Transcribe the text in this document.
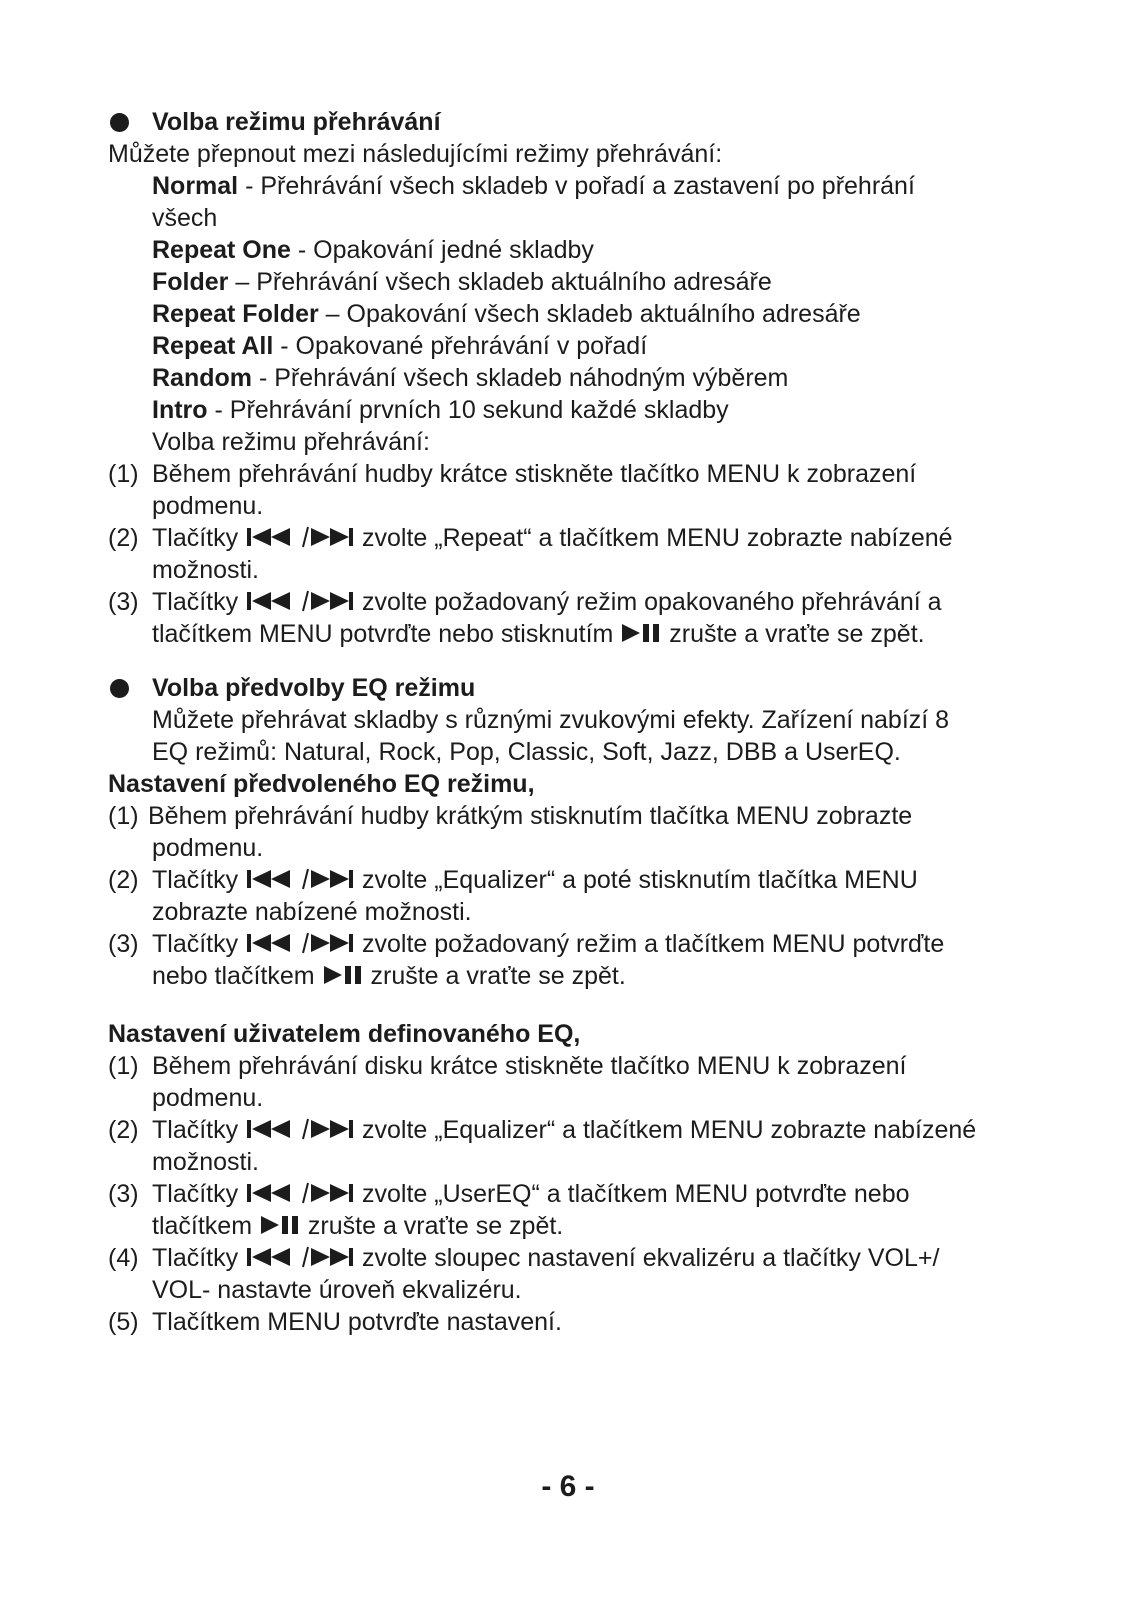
Volba režimu přehrávání
Můžete přepnout mezi následujícími režimy přehrávání:
Normal - Přehrávání všech skladeb v pořadí a zastavení po přehrání
všech
Repeat One - Opakování jedné skladby
Folder – Přehrávání všech skladeb aktuálního adresáře
Repeat Folder – Opakování všech skladeb aktuálního adresáře
Repeat All - Opakované přehrávání v pořadí
Random - Přehrávání všech skladeb náhodným výběrem
Intro - Přehrávání prvních 10 sekund každé skladby
Volba režimu přehrávání:
(1) Během přehrávání hudby krátce stiskněte tlačítko MENU k zobrazení
podmenu.
(2) Tlačítky	zvolte „Repeat“ a tlačítkem MENU zobrazte nabízené
možnosti.
(3) Tlačítky	zvolte požadovaný režim opakovaného přehrávání a
tlačítkem MENU potvrďte nebo stisknutím  zrušte a vraťte se zpět.
Volba předvolby EQ režimu
Můžete přehrávat skladby s různými zvukovými efekty. Zařízení nabízí 8
EQ režimů: Natural, Rock, Pop, Classic, Soft, Jazz, DBB a UserEQ.
Nastavení předvoleného EQ režimu,
(1) Během přehrávání hudby krátkým stisknutím tlačítka MENU zobrazte
podmenu.
(2) Tlačítky	zvolte „Equalizer“ a poté stisknutím tlačítka MENU
zobrazte nabízené možnosti.
(3) Tlačítky	zvolte požadovaný režim a tlačítkem MENU potvrďte
nebo tlačítkem  zrušte a vraťte se zpět.
Nastavení uživatelem definovaného EQ,
(1) Během přehrávání disku krátce stiskněte tlačítko MENU k zobrazení
podmenu.
(2) Tlačítky	zvolte „Equalizer“ a tlačítkem MENU zobrazte nabízené
možnosti.
(3) Tlačítky	zvolte „UserEQ“ a tlačítkem MENU potvrďte nebo
tlačítkem  zrušte a vraťte se zpět.
(4) Tlačítky	zvolte sloupec nastavení ekvalizéru a tlačítky VOL+/
VOL- nastavte úroveň ekvalizéru.
(5) Tlačítkem MENU potvrďte nastavení.
- 6 -
